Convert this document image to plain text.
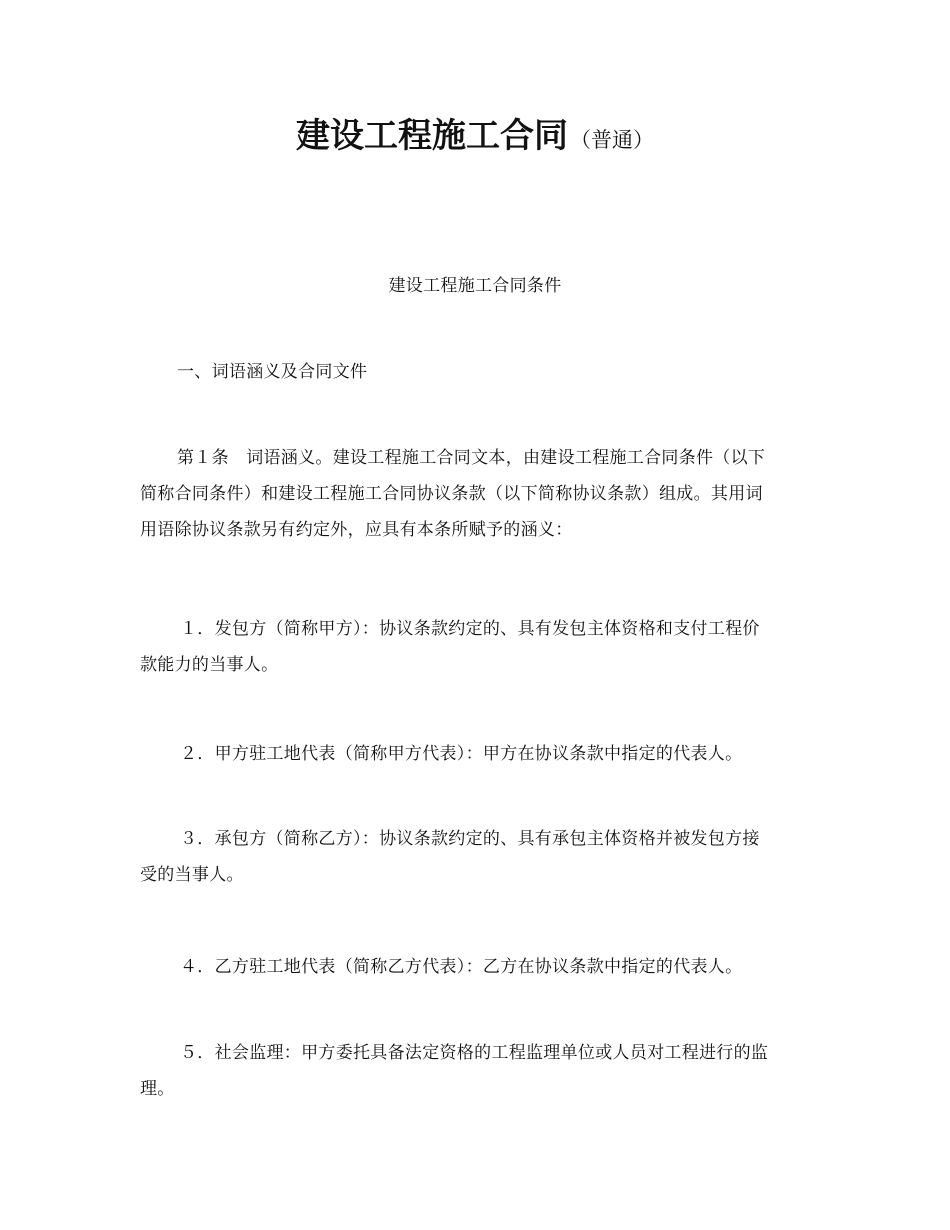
建设工程施工合同（普通）
建设工程施工合同条件
一、词语涵义及合同文件
第１条　词语涵义。建设工程施工合同文本，由建设工程施工合同条件（以下
简称合同条件）和建设工程施工合同协议条款（以下简称协议条款）组成。其用词
用语除协议条款另有约定外，应具有本条所赋予的涵义：
１．发包方（简称甲方）：协议条款约定的、具有发包主体资格和支付工程价
款能力的当事人。
２．甲方驻工地代表（简称甲方代表）：甲方在协议条款中指定的代表人。
３．承包方（简称乙方）：协议条款约定的、具有承包主体资格并被发包方接
受的当事人。
４．乙方驻工地代表（简称乙方代表）：乙方在协议条款中指定的代表人。
５．社会监理：甲方委托具备法定资格的工程监理单位或人员对工程进行的监
理。
